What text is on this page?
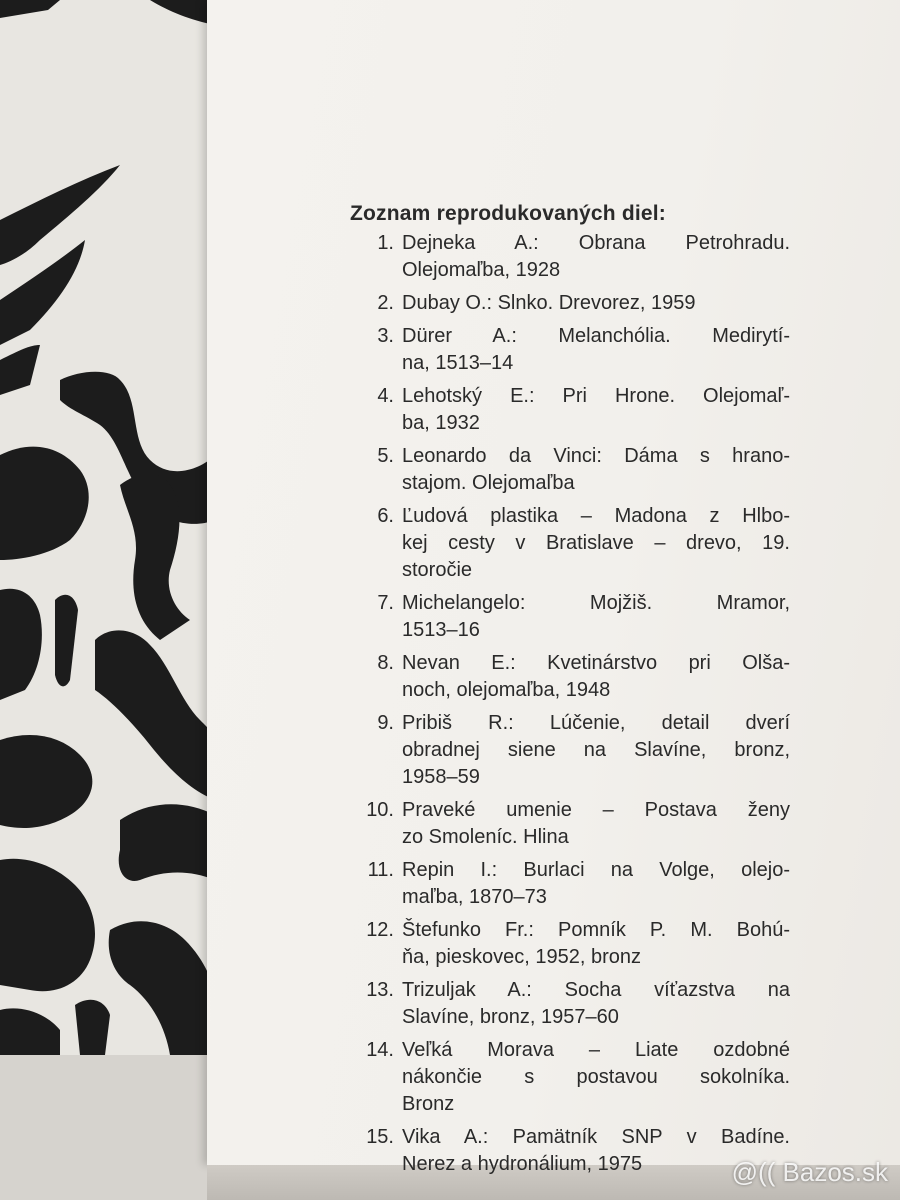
Zoznam reprodukovaných diel:
1. Dejneka A.: Obrana Petrohradu.
Olejomaľba, 1928
2. Dubay O.: Slnko. Drevorez, 1959
3. Dürer A.: Melanchólia. Medirytí-
na, 1513–14
4. Lehotský E.: Pri Hrone. Olejomaľ-
ba, 1932
5. Leonardo da Vinci: Dáma s hrano-
stajom. Olejomaľba
6. Ľudová plastika – Madona z Hlbo-
kej cesty v Bratislave – drevo, 19.
storočie
7. Michelangelo: Mojžiš. Mramor,
1513–16
8. Nevan E.: Kvetinárstvo pri Olša-
noch, olejomaľba, 1948
9. Pribiš R.: Lúčenie, detail dverí
obradnej siene na Slavíne, bronz,
1958–59
10. Praveké umenie – Postava ženy
zo Smoleníc. Hlina
11. Repin I.: Burlaci na Volge, olejo-
maľba, 1870–73
12. Štefunko Fr.: Pomník P. M. Bohú-
ňa, pieskovec, 1952, bronz
13. Trizuljak A.: Socha víťazstva na
Slavíne, bronz, 1957–60
14. Veľká Morava – Liate ozdobné
nákončie s postavou sokolníka.
Bronz
15. Vika A.: Pamätník SNP v Badíne.
Nerez a hydronálium, 1975	@(( Bazos.sk
